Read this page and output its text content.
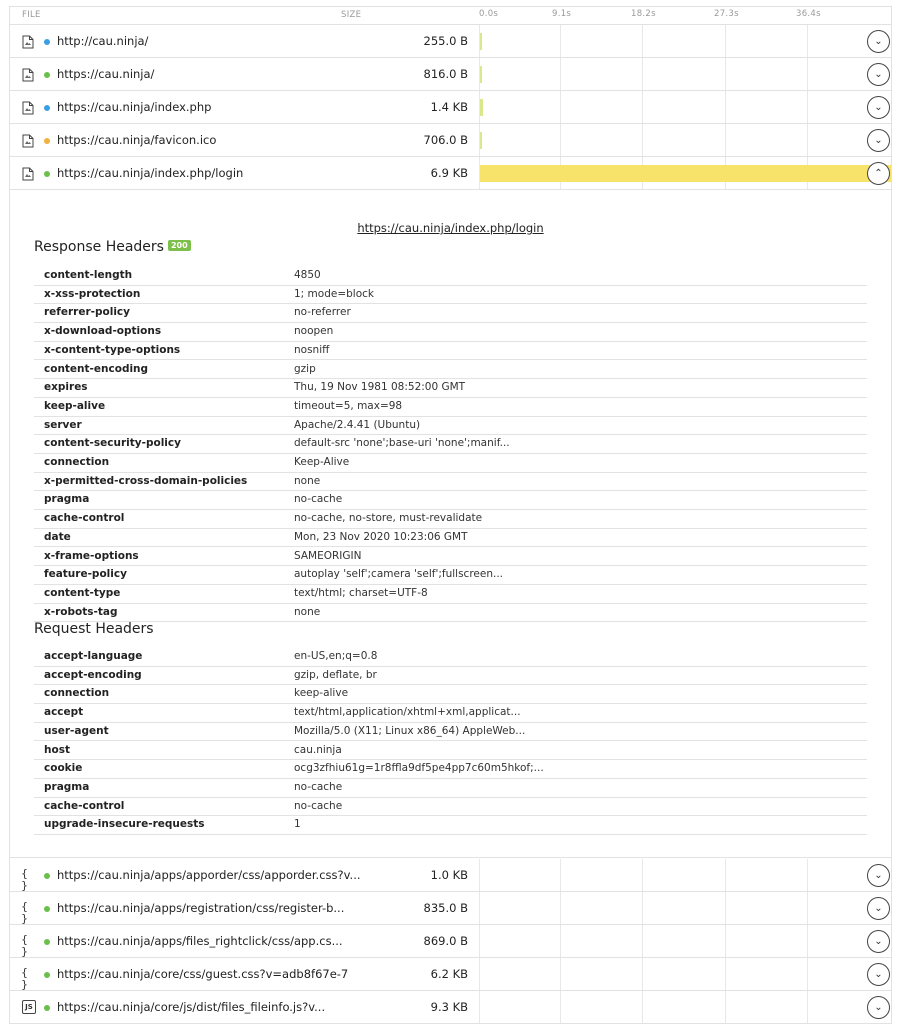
FILE	SIZE	0.0s	9.1s	18.2s	27.3s	36.4s
http://cau.ninja/	255.0 B	⌄
https://cau.ninja/	816.0 B	⌄
https://cau.ninja/index.php	1.4 KB	⌄
https://cau.ninja/favicon.ico	706.0 B	⌄
https://cau.ninja/index.php/login	6.9 KB	⌃
https://cau.ninja/index.php/login
Response Headers 200
content-length	4850
x-xss-protection	1; mode=block
referrer-policy	no-referrer
x-download-options	noopen
x-content-type-options	nosniff
content-encoding	gzip
expires	Thu, 19 Nov 1981 08:52:00 GMT
keep-alive	timeout=5, max=98
server	Apache/2.4.41 (Ubuntu)
content-security-policy	default-src 'none';base-uri 'none';manif...
connection	Keep-Alive
x-permitted-cross-domain-policies	none
pragma	no-cache
cache-control	no-cache, no-store, must-revalidate
date	Mon, 23 Nov 2020 10:23:06 GMT
x-frame-options	SAMEORIGIN
feature-policy	autoplay 'self';camera 'self';fullscreen...
content-type	text/html; charset=UTF-8
x-robots-tag	none
Request Headers
accept-language	en-US,en;q=0.8
accept-encoding	gzip, deflate, br
connection	keep-alive
accept	text/html,application/xhtml+xml,applicat...
user-agent	Mozilla/5.0 (X11; Linux x86_64) AppleWeb...
host	cau.ninja
cookie	ocg3zfhiu61g=1r8ffla9df5pe4pp7c60m5hkof;...
pragma	no-cache
cache-control	no-cache
upgrade-insecure-requests	1
{ }
https://cau.ninja/apps/apporder/css/apporder.css?v...	1.0 KB	⌄
{ }
https://cau.ninja/apps/registration/css/register-b...	835.0 B	⌄
{ }
https://cau.ninja/apps/files_rightclick/css/app.cs...	869.0 B	⌄
{ }
https://cau.ninja/core/css/guest.css?v=adb8f67e-7	6.2 KB	⌄
JS https://cau.ninja/core/js/dist/files_fileinfo.js?v...	9.3 KB	⌄
